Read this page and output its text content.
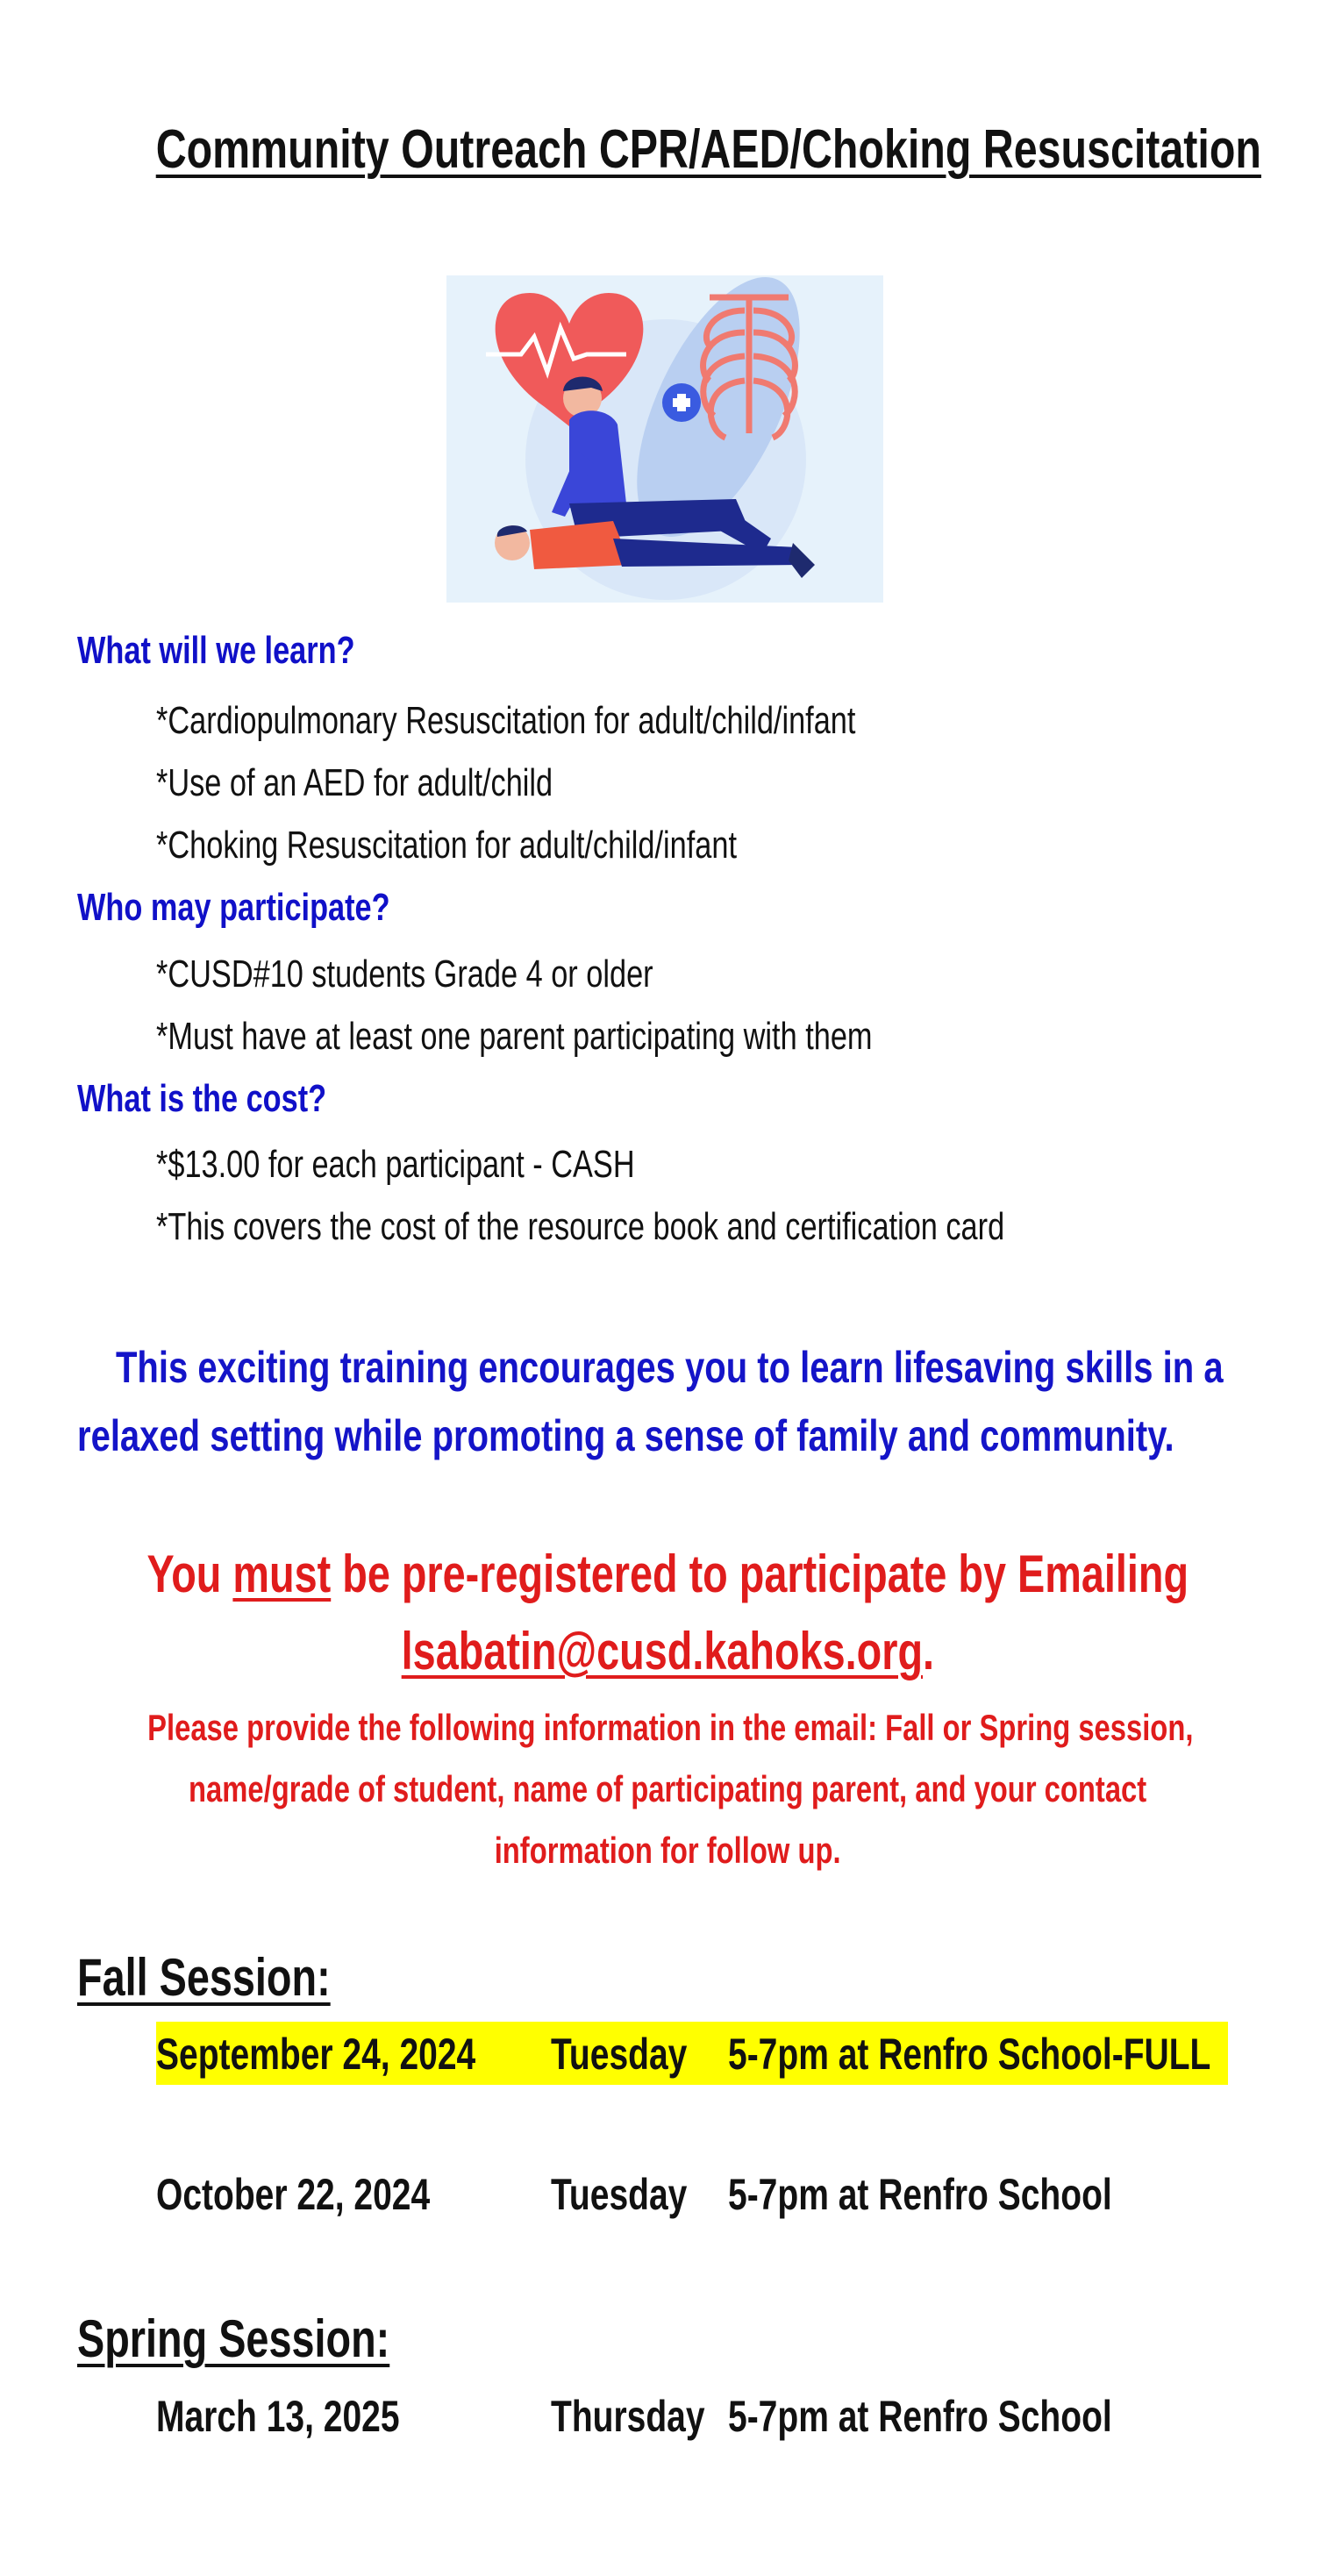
Community Outreach CPR/AED/Choking Resuscitation
What will we learn?
*Cardiopulmonary Resuscitation for adult/child/infant
*Use of an AED for adult/child
*Choking Resuscitation for adult/child/infant
Who may participate?
*CUSD#10 students Grade 4 or older
*Must have at least one parent participating with them
What is the cost?
*$13.00 for each participant - CASH
*This covers the cost of the resource book and certification card
This exciting training encourages you to learn lifesaving skills in a
relaxed setting while promoting a sense of family and community.
You must be pre-registered to participate by Emailing
lsabatin@cusd.kahoks.org.
Please provide the following information in the email: Fall or Spring session,
name/grade of student, name of participating parent, and your contact
information for follow up.
Fall Session:
September 24, 2024	Tuesday 5-7pm at Renfro School-FULL
October 22, 2024	Tuesday 5-7pm at Renfro School
Spring Session:
March 13, 2025	Thursday 5-7pm at Renfro School
